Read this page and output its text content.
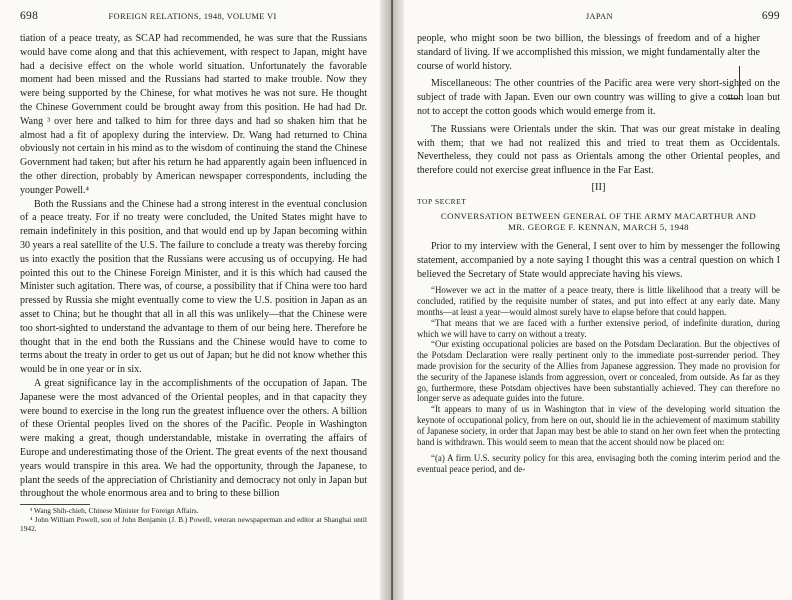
698	FOREIGN RELATIONS, 1948, VOLUME VI

tiation of a peace treaty, as SCAP had recommended, he was sure that the Russians would have come along and that this achievement, with respect to Japan, might have had a decisive effect on the whole world situation. Unfortunately the favorable moment had been missed and the Russians had started to make trouble. Now they were being supported by the Chinese, for what motives he was not sure. He thought the Chinese Government could be brought away from this position. He had had Dr. Wang ³ over here and talked to him for three days and had so shaken him that he almost had a fit of apoplexy during the interview. Dr. Wang had returned to China obviously not certain in his mind as to the wisdom of continuing the stand the Chinese Government had taken; but after his return he had apparently again been influenced in the other direction, probably by American newspaper correspondents, including the younger Powell.⁴

Both the Russians and the Chinese had a strong interest in the eventual conclusion of a peace treaty. For if no treaty were concluded, the United States might have to remain indefinitely in this position, and that would end up by Japan becoming within 30 years a real satellite of the U.S. The failure to conclude a treaty was thereby forcing us into exactly the position that the Russians were accusing us of occupying. He had pointed this out to the Chinese Foreign Minister, and it is this which had caused the Minister such agitation. There was, of course, a possibility that if China were too hard pressed by Russia she might eventually come to view the U.S. position in Japan as an asset to China; but he thought that all in all this was unlikely—that the Chinese were too short-sighted to understand the advantage to them of our being here. Therefore he thought that in the end both the Russians and the Chinese would have to come to terms about the treaty in order to get us out of Japan; but he did not know whether this would be in one year or in six.

A great significance lay in the accomplishments of the occupation of Japan. The Japanese were the most advanced of the Oriental peoples, and in that capacity they were bound to exercise in the long run the greatest influence over the others. A billion of these Oriental peoples lived on the shores of the Pacific. People in Washington were making a great, though understandable, mistake in overrating the affairs of Europe and underestimating those of the Orient. The great events of the next thousand years would transpire in this area. We had the opportunity, through the Japanese, to plant the seeds of the appreciation of Christianity and democracy not only in Japan but throughout the whole enormous area and to bring to these billion

³ Wang Shih-chieh, Chinese Minister for Foreign Affairs.

⁴ John William Powell, son of John Benjamin (J. B.) Powell, veteran newspaperman and editor at Shanghai until 1942.

JAPAN	699

people, who might soon be two billion, the blessings of freedom and of a higher standard of living. If we accomplished this mission, we might fundamentally alter the course of world history.

Miscellaneous: The other countries of the Pacific area were very short-sighted on the subject of trade with Japan. Even our own country was willing to give a cotton loan but not to accept the cotton goods which would emerge from it.

The Russians were Orientals under the skin. That was our great mistake in dealing with them; that we had not realized this and tried to treat them as Occidentals. Nevertheless, they could not pass as Orientals among the other Oriental peoples, and therefore could not exercise great influence in the Far East.

[II]
TOP SECRET
CONVERSATION BETWEEN GENERAL OF THE ARMY MACARTHUR AND
MR. GEORGE F. KENNAN, MARCH 5, 1948

Prior to my interview with the General, I sent over to him by messenger the following statement, accompanied by a note saying I thought this was a central question on which I believed the Secretary of State would appreciate having his views.

“However we act in the matter of a peace treaty, there is little likelihood that a treaty will be concluded, ratified by the requisite number of states, and put into effect at any early date. Many months—at least a year—would almost surely have to elapse before that could happen.

“That means that we are faced with a further extensive period, of indefinite duration, during which we will have to carry on without a treaty.

“Our existing occupational policies are based on the Potsdam Declaration. But the objectives of the Potsdam Declaration were really pertinent only to the immediate post-surrender period. They made provision for the security of the Allies from Japanese aggression. They made no provision for the security of the Japanese islands from aggression, overt or concealed, from outside. As far as they go, furthermore, these Potsdam objectives have been substantially achieved. They can therefore no longer serve as adequate guides into the future.

“It appears to many of us in Washington that in view of the developing world situation the keynote of occupational policy, from here on out, should lie in the achievement of maximum stability of Japanese society, in order that Japan may best be able to stand on her own feet when the protecting hand is withdrawn. This would seem to mean that the accent should now be placed on:

“(a) A firm U.S. security policy for this area, envisaging both the coming interim period and the eventual peace period, and de-
